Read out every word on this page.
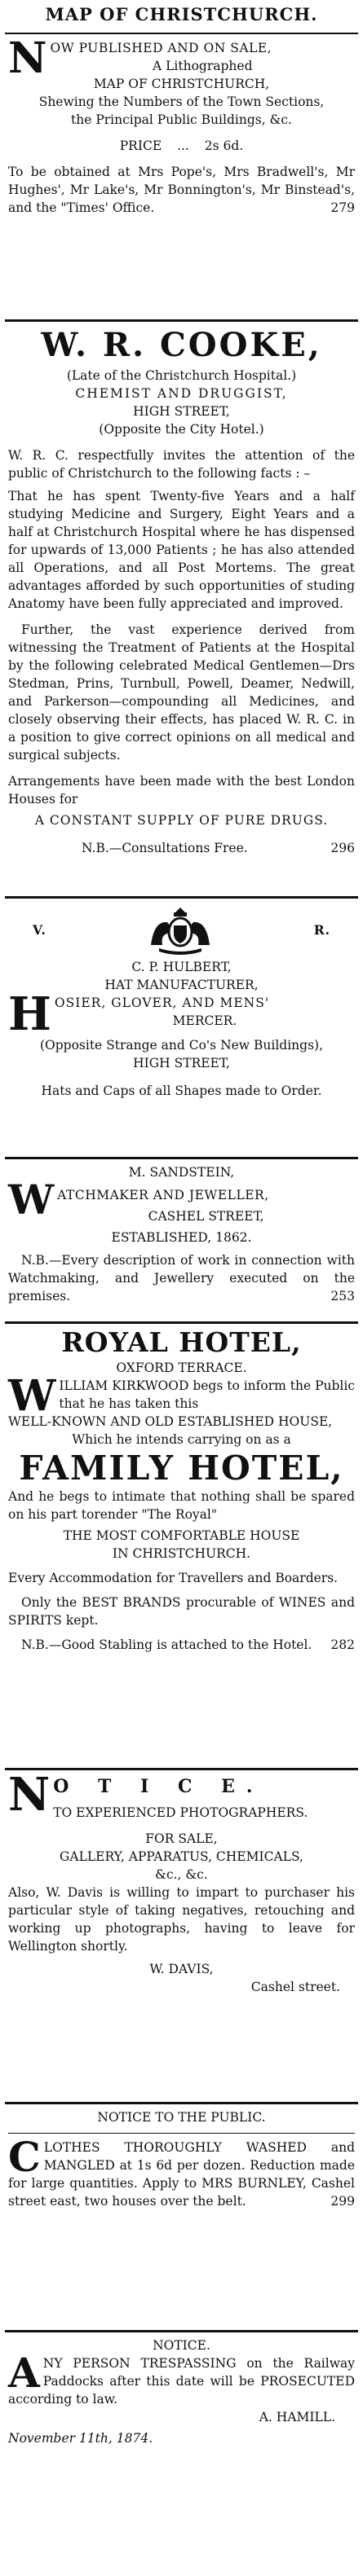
MAP OF CHRISTCHURCH.
N OW PUBLISHED AND ON SALE,
A Lithographed
MAP OF CHRISTCHURCH,
Shewing the Numbers of the Town Sections,
the Principal Public Buildings, &c.
PRICE ... 2s 6d.

To be obtained at Mrs Pope's, Mrs Bradwell's, Mr Hughes', Mr Lake's, Mr Bonnington's, Mr Binstead's, and the "Times' Office.	279

W. R. COOKE,
(Late of the Christchurch Hospital.)
CHEMIST AND DRUGGIST,
HIGH STREET,
(Opposite the City Hotel.)

W. R. C. respectfully invites the attention of the public of Christchurch to the following facts : –

That he has spent Twenty-five Years and a half studying Medicine and Surgery, Eight Years and a half at Christchurch Hospital where he has dispensed for upwards of 13,000 Patients ; he has also attended all Operations, and all Post Mortems. The great advantages afforded by such opportunities of studing Anatomy have been fully appreciated and improved.

Further, the vast experience derived from witnessing the Treatment of Patients at the Hospital by the following celebrated Medical Gentlemen—Drs Stedman, Prins, Turnbull, Powell, Deamer, Nedwill, and Parkerson—compounding all Medicines, and closely observing their effects, has placed W. R. C. in a position to give correct opinions on all medical and surgical subjects.

Arrangements have been made with the best London Houses for

A CONSTANT SUPPLY OF PURE DRUGS.
N.B.—Consultations Free.	296
V.	R.
C. P. HULBERT,
HAT MANUFACTURER,
H OSIER, GLOVER, AND MENS'
MERCER.
(Opposite Strange and Co's New Buildings),
HIGH STREET,
Hats and Caps of all Shapes made to Order.
M. SANDSTEIN,
W ATCHMAKER AND JEWELLER,
CASHEL STREET,
ESTABLISHED, 1862.

N.B.—Every description of work in connection with Watchmaking, and Jewellery executed on the premises.	253

ROYAL HOTEL,
OXFORD TERRACE.
W ILLIAM KIRKWOOD begs to inform the Public that he has taken this

WELL-KNOWN AND OLD ESTABLISHED HOUSE,
Which he intends carrying on as a
FAMILY HOTEL,

And he begs to intimate that nothing shall be spared on his part torender "The Royal"

THE MOST COMFORTABLE HOUSE
IN CHRISTCHURCH.

Every Accommodation for Travellers and Boarders.

Only the BEST BRANDS procurable of WINES and SPIRITS kept.

N.B.—Good Stabling is attached to the Hotel.	282

N O T I C E.
TO EXPERIENCED PHOTOGRAPHERS.
FOR SALE,
GALLERY, APPARATUS, CHEMICALS,
&c., &c.

Also, W. Davis is willing to impart to purchaser his particular style of taking negatives, retouching and working up photographs, having to leave for Wellington shortly.

W. DAVIS,
Cashel street.
NOTICE TO THE PUBLIC.
C LOTHES THOROUGHLY WASHED and MANGLED at 1s 6d per dozen. Reduction made for large quantities. Apply to MRS BURNLEY, Cashel street east, two houses over the belt.	299

NOTICE.
A NY PERSON TRESPASSING on the Railway Paddocks after this date will be PROSECUTED according to law.

A. HAMILL.
November 11th, 1874.
